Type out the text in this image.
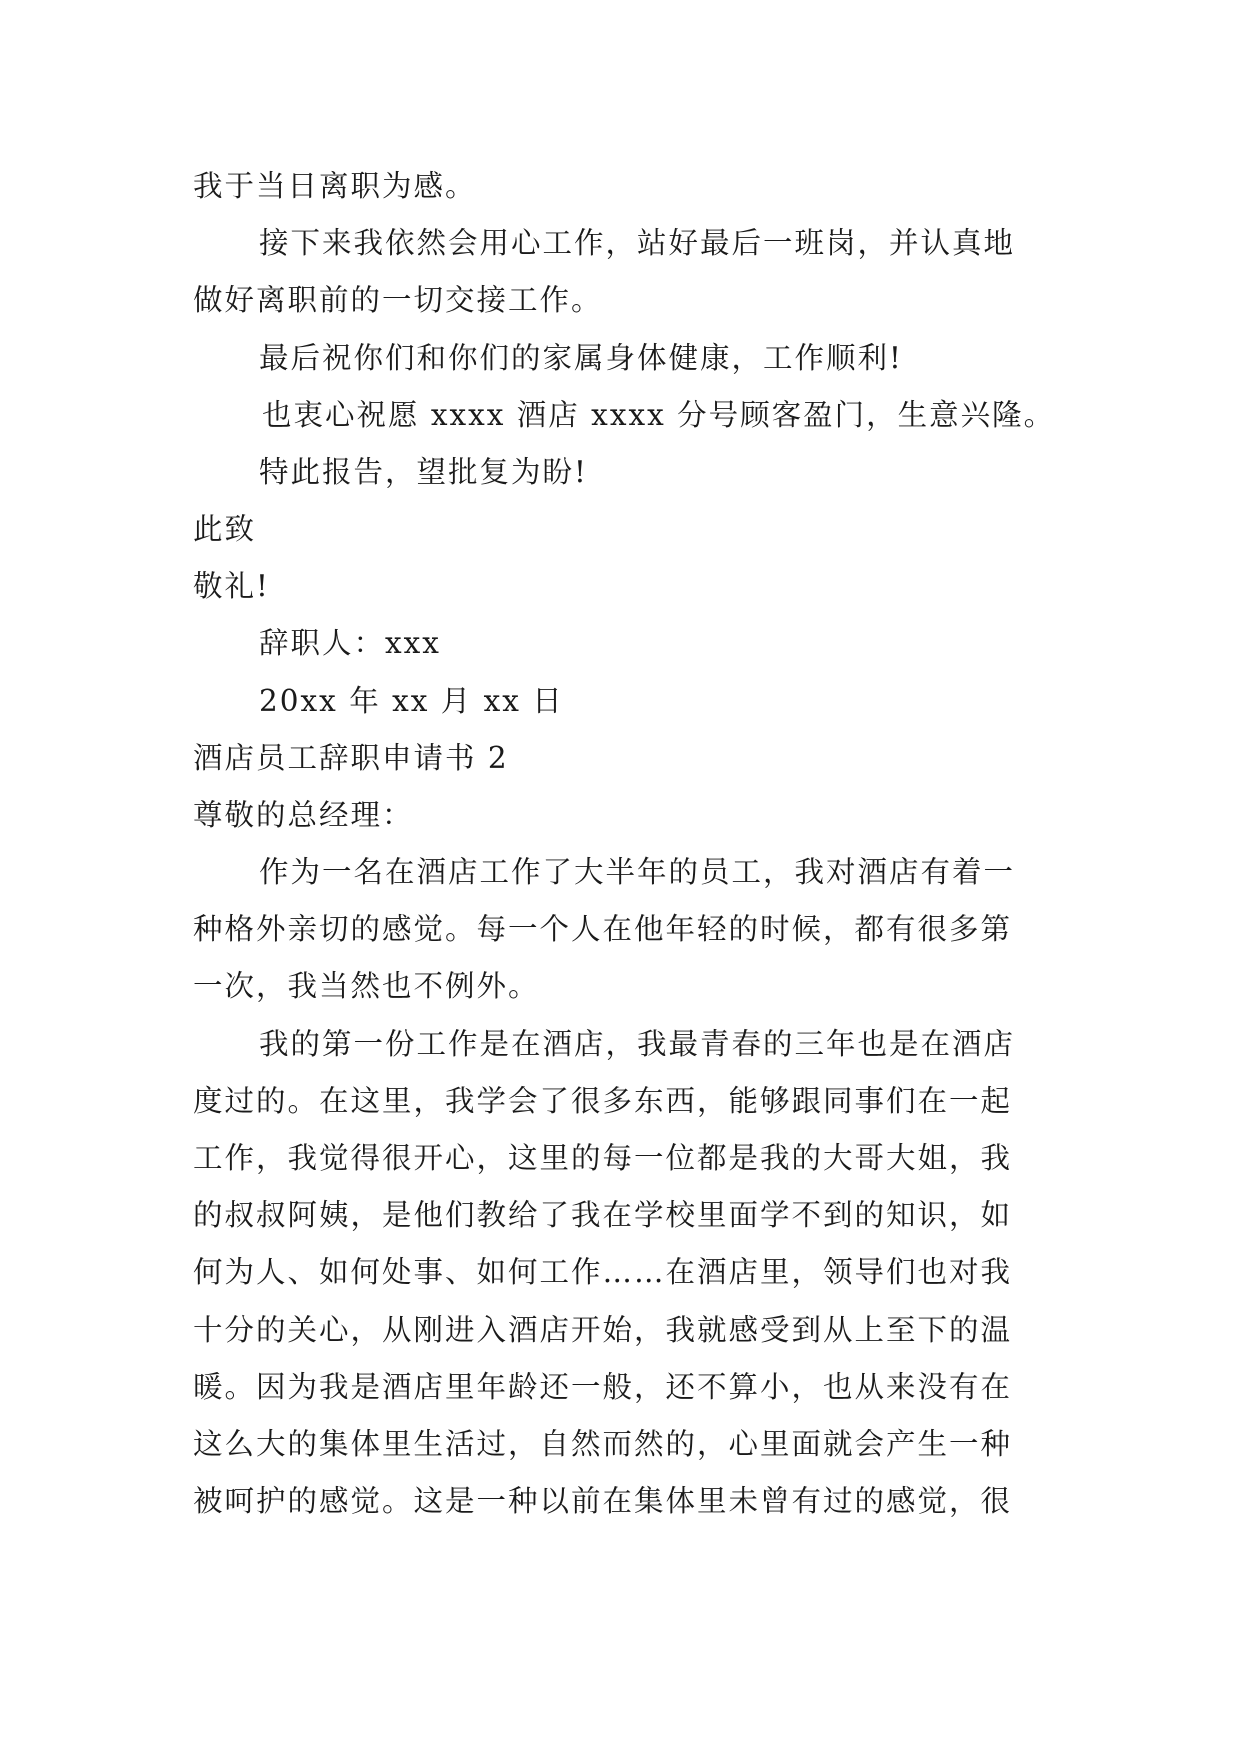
我于当日离职为感。
接下来我依然会用心工作，站好最后一班岗，并认真地
做好离职前的一切交接工作。
最后祝你们和你们的家属身体健康，工作顺利!
也衷心祝愿 xxxx 酒店 xxxx 分号顾客盈门，生意兴隆。
特此报告，望批复为盼!
此致
敬礼!
辞职人：xxx
20xx 年 xx 月 xx 日
酒店员工辞职申请书 2
尊敬的总经理：
作为一名在酒店工作了大半年的员工，我对酒店有着一
种格外亲切的感觉。每一个人在他年轻的时候，都有很多第
一次，我当然也不例外。
我的第一份工作是在酒店，我最青春的三年也是在酒店
度过的。在这里，我学会了很多东西，能够跟同事们在一起
工作，我觉得很开心，这里的每一位都是我的大哥大姐，我
的叔叔阿姨，是他们教给了我在学校里面学不到的知识，如
何为人、如何处事、如何工作……在酒店里，领导们也对我
十分的关心，从刚进入酒店开始，我就感受到从上至下的温
暖。因为我是酒店里年龄还一般，还不算小，也从来没有在
这么大的集体里生活过，自然而然的，心里面就会产生一种
被呵护的感觉。这是一种以前在集体里未曾有过的感觉，很
